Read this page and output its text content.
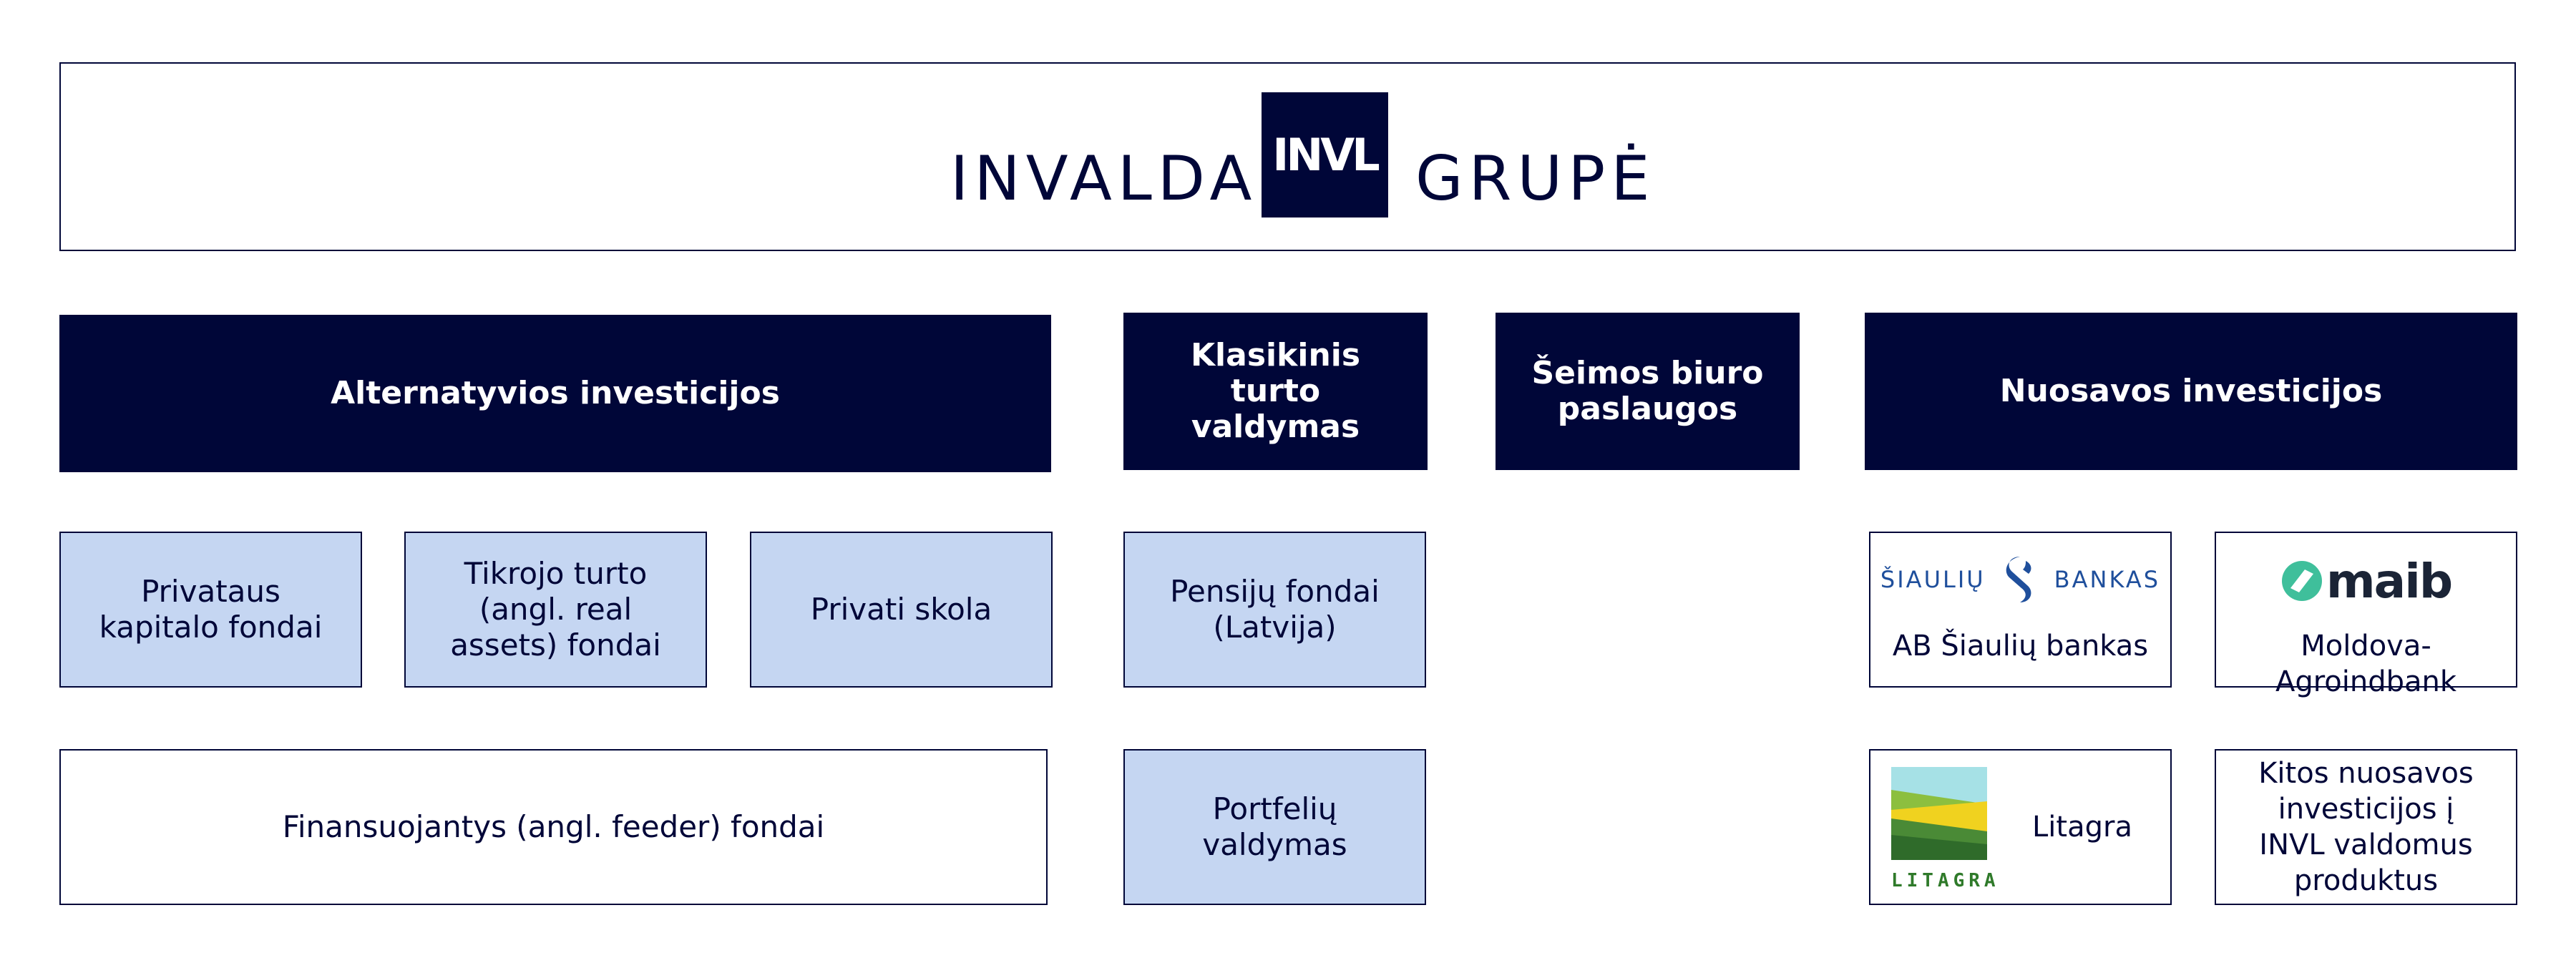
INVALDA INVL GRUPĖ
Alternatyvios investicijos
Klasikinis turto valdymas
Šeimos biuro paslaugos	Nuosavos investicijos
Privataus kapitalo fondai
Tikrojo turto (angl. real assets) fondai
Privati skola
Finansuojantys (angl. feeder) fondai
Pensijų fondai (Latvija)
Portfelių valdymas
ŠIAULIŲ	BANKAS
AB Šiaulių bankas
maib
Moldova-Agroindbank
LITAGRA
Litagra
Kitos nuosavos investicijos į INVL valdomus produktus
